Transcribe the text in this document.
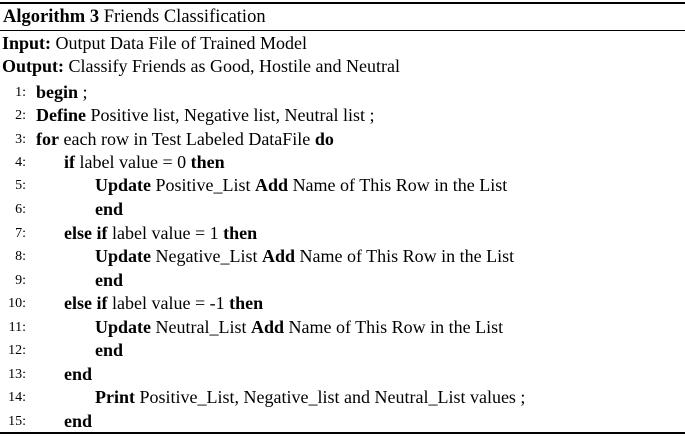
Algorithm 3 Friends Classification
Input: Output Data File of Trained Model
Output: Classify Friends as Good, Hostile and Neutral
1: begin ;
2: Define Positive list, Negative list, Neutral list ;
3: for each row in Test Labeled DataFile do
4: if label value = 0 then
5:	Update Positive_List Add Name of This Row in the List
6:	end
7: else if label value = 1 then
8:	Update Negative_List Add Name of This Row in the List
9:	end
10: else if label value = -1 then
11:	Update Neutral_List Add Name of This Row in the List
12:	end
13: end
14:	Print Positive_List, Negative_list and Neutral_List values ;
15: end
